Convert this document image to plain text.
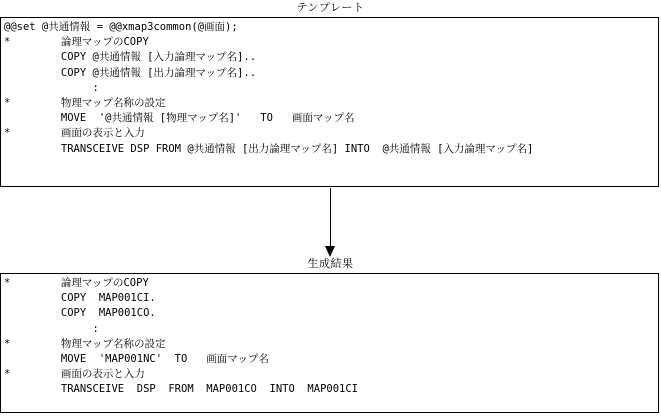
テンプレート
@@set @共通情報 = @@xmap3common(@画面);
*        論理マップのCOPY
COPY @共通情報 [入力論理マップ名]..
COPY @共通情報 [出力論理マップ名]..
:
*        物理マップ名称の設定
MOVE  '@共通情報 [物理マップ名]'   TO   画面マップ名
*        画面の表示と入力
TRANSCEIVE DSP FROM @共通情報 [出力論理マップ名] INTO  @共通情報 [入力論理マップ名]
生成結果
*        論理マップのCOPY
COPY  MAP001CI.
COPY  MAP001CO.
:
*        物理マップ名称の設定
MOVE  'MAP001NC'  TO   画面マップ名
*        画面の表示と入力
TRANSCEIVE  DSP  FROM  MAP001CO  INTO  MAP001CI
